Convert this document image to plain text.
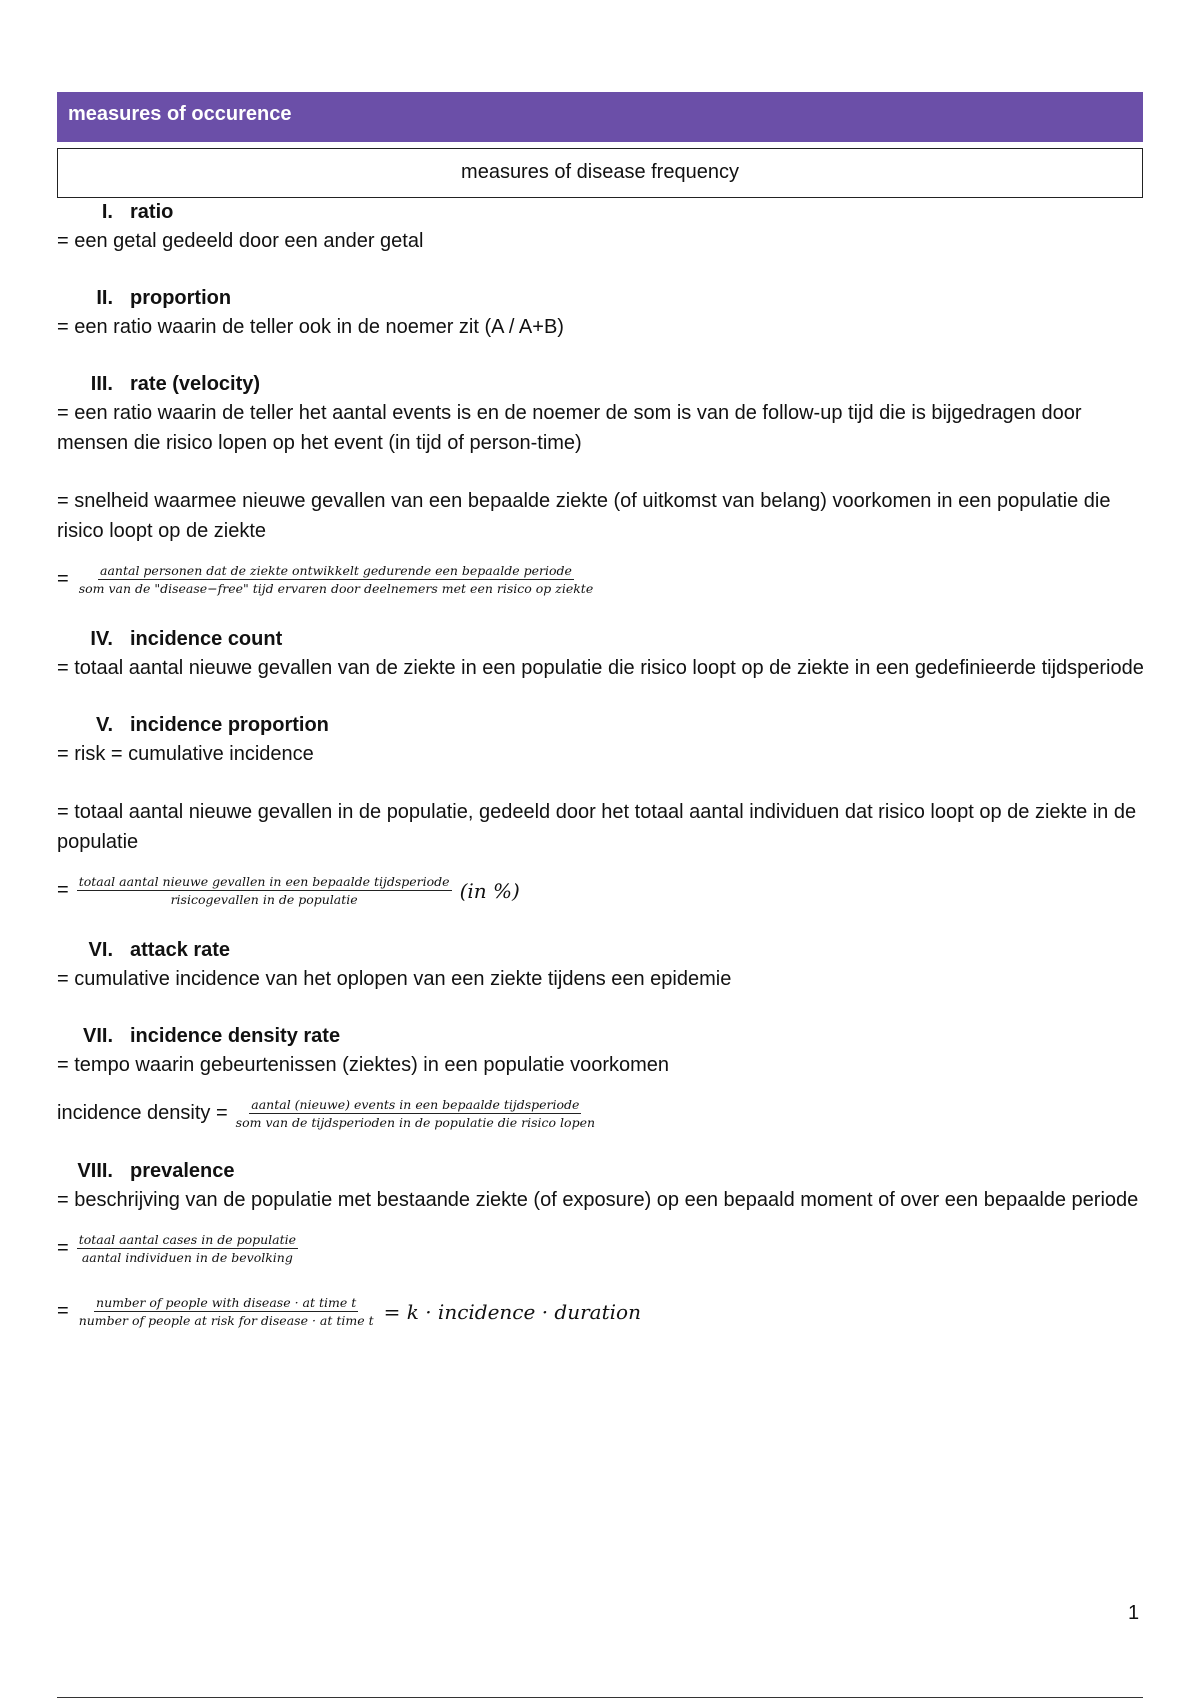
measures of occurence
measures of disease frequency
I. ratio

= een getal gedeeld door een ander getal

II. proportion

= een ratio waarin de teller ook in de noemer zit (A / A+B)

III. rate (velocity)

= een ratio waarin de teller het aantal events is en de noemer de som is van de follow-up tijd die is bijgedragen door mensen die risico lopen op het event (in tijd of person-time)

= snelheid waarmee nieuwe gevallen van een bepaalde ziekte (of uitkomst van belang) voorkomen in een populatie die risico loopt op de ziekte

=	aantal personen dat de ziekte ontwikkelt gedurende een bepaalde periode
som van de "disease−free" tijd ervaren door deelnemers met een risico op ziekte
IV. incidence count

= totaal aantal nieuwe gevallen van de ziekte in een populatie die risico loopt op de ziekte in een gedefinieerde tijdsperiode

V. incidence proportion

= risk = cumulative incidence

= totaal aantal nieuwe gevallen in de populatie, gedeeld door het totaal aantal individuen dat risico loopt op de ziekte in de populatie

= $\frac{\text{totaal aantal nieuwe gevallen in een bepaalde tijdsperiode}}{\text{risicogevallen in de populatie}} (in$ %)
VI. attack rate

= cumulative incidence van het oplopen van een ziekte tijdens een epidemie

VII. incidence density rate

= tempo waarin gebeurtenissen (ziektes) in een populatie voorkomen

incidence density = $\frac{\text{aantal (nieuwe) events in een bepaalde tijdsperiode}}{\text{som van de tijdsperioden in de populatie die risico lopen}}$
VIII. prevalence

= beschrijving van de populatie met bestaande ziekte (of exposure) op een bepaald moment of over een bepaalde periode

= $\frac{\text{totaal aantal cases in de populatie}}{\text{aantal individuen in de bevolking}}$
= $\frac{\text{number of people with disease · at time t}}{\text{number of people at risk for disease · at time t}} = k$ · incidence · duration
1
